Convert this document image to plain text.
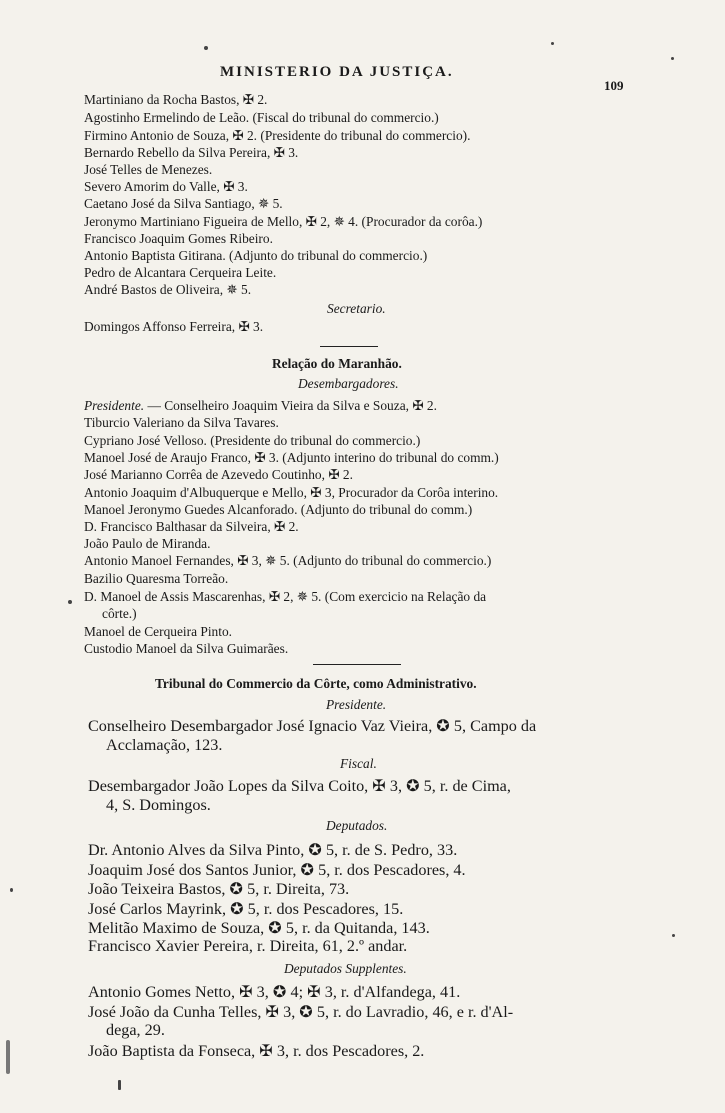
MINISTERIO DA JUSTIÇA.
109
Martiniano da Rocha Bastos, ✠ 2.
Agostinho Ermelindo de Leão. (Fiscal do tribunal do commercio.)
Firmino Antonio de Souza, ✠ 2. (Presidente do tribunal do commercio).
Bernardo Rebello da Silva Pereira, ✠ 3.
José Telles de Menezes.
Severo Amorim do Valle, ✠ 3.
Caetano José da Silva Santiago, ✵ 5.
Jeronymo Martiniano Figueira de Mello, ✠ 2, ✵ 4. (Procurador da corôa.)
Francisco Joaquim Gomes Ribeiro.
Antonio Baptista Gitirana. (Adjunto do tribunal do commercio.)
Pedro de Alcantara Cerqueira Leite.
André Bastos de Oliveira, ✵ 5.
Secretario.
Domingos Affonso Ferreira, ✠ 3.
Relação do Maranhão.
Desembargadores.
Presidente. — Conselheiro Joaquim Vieira da Silva e Souza, ✠ 2.
Tiburcio Valeriano da Silva Tavares.
Cypriano José Velloso. (Presidente do tribunal do commercio.)
Manoel José de Araujo Franco, ✠ 3. (Adjunto interino do tribunal do comm.)
José Marianno Corrêa de Azevedo Coutinho, ✠ 2.
Antonio Joaquim d'Albuquerque e Mello, ✠ 3, Procurador da Corôa interino.
Manoel Jeronymo Guedes Alcanforado. (Adjunto do tribunal do comm.)
D. Francisco Balthasar da Silveira, ✠ 2.
João Paulo de Miranda.
Antonio Manoel Fernandes, ✠ 3, ✵ 5. (Adjunto do tribunal do commercio.)
Bazilio Quaresma Torreão.
D. Manoel de Assis Mascarenhas, ✠ 2, ✵ 5. (Com exercicio na Relação da
côrte.)
Manoel de Cerqueira Pinto.
Custodio Manoel da Silva Guimarães.
Tribunal do Commercio da Côrte, como Administrativo.
Presidente.
Conselheiro Desembargador José Ignacio Vaz Vieira, ✪ 5, Campo da
Acclamação, 123.
Fiscal.
Desembargador João Lopes da Silva Coito, ✠ 3, ✪ 5, r. de Cima,
4, S. Domingos.
Deputados.
Dr. Antonio Alves da Silva Pinto, ✪ 5, r. de S. Pedro, 33.
Joaquim José dos Santos Junior, ✪ 5, r. dos Pescadores, 4.
João Teixeira Bastos, ✪ 5, r. Direita, 73.
José Carlos Mayrink, ✪ 5, r. dos Pescadores, 15.
Melitão Maximo de Souza, ✪ 5, r. da Quitanda, 143.
Francisco Xavier Pereira, r. Direita, 61, 2.º andar.
Deputados Supplentes.
Antonio Gomes Netto, ✠ 3, ✪ 4; ✠ 3, r. d'Alfandega, 41.
José João da Cunha Telles, ✠ 3, ✪ 5, r. do Lavradio, 46, e r. d'Al-
dega, 29.
João Baptista da Fonseca, ✠ 3, r. dos Pescadores, 2.
